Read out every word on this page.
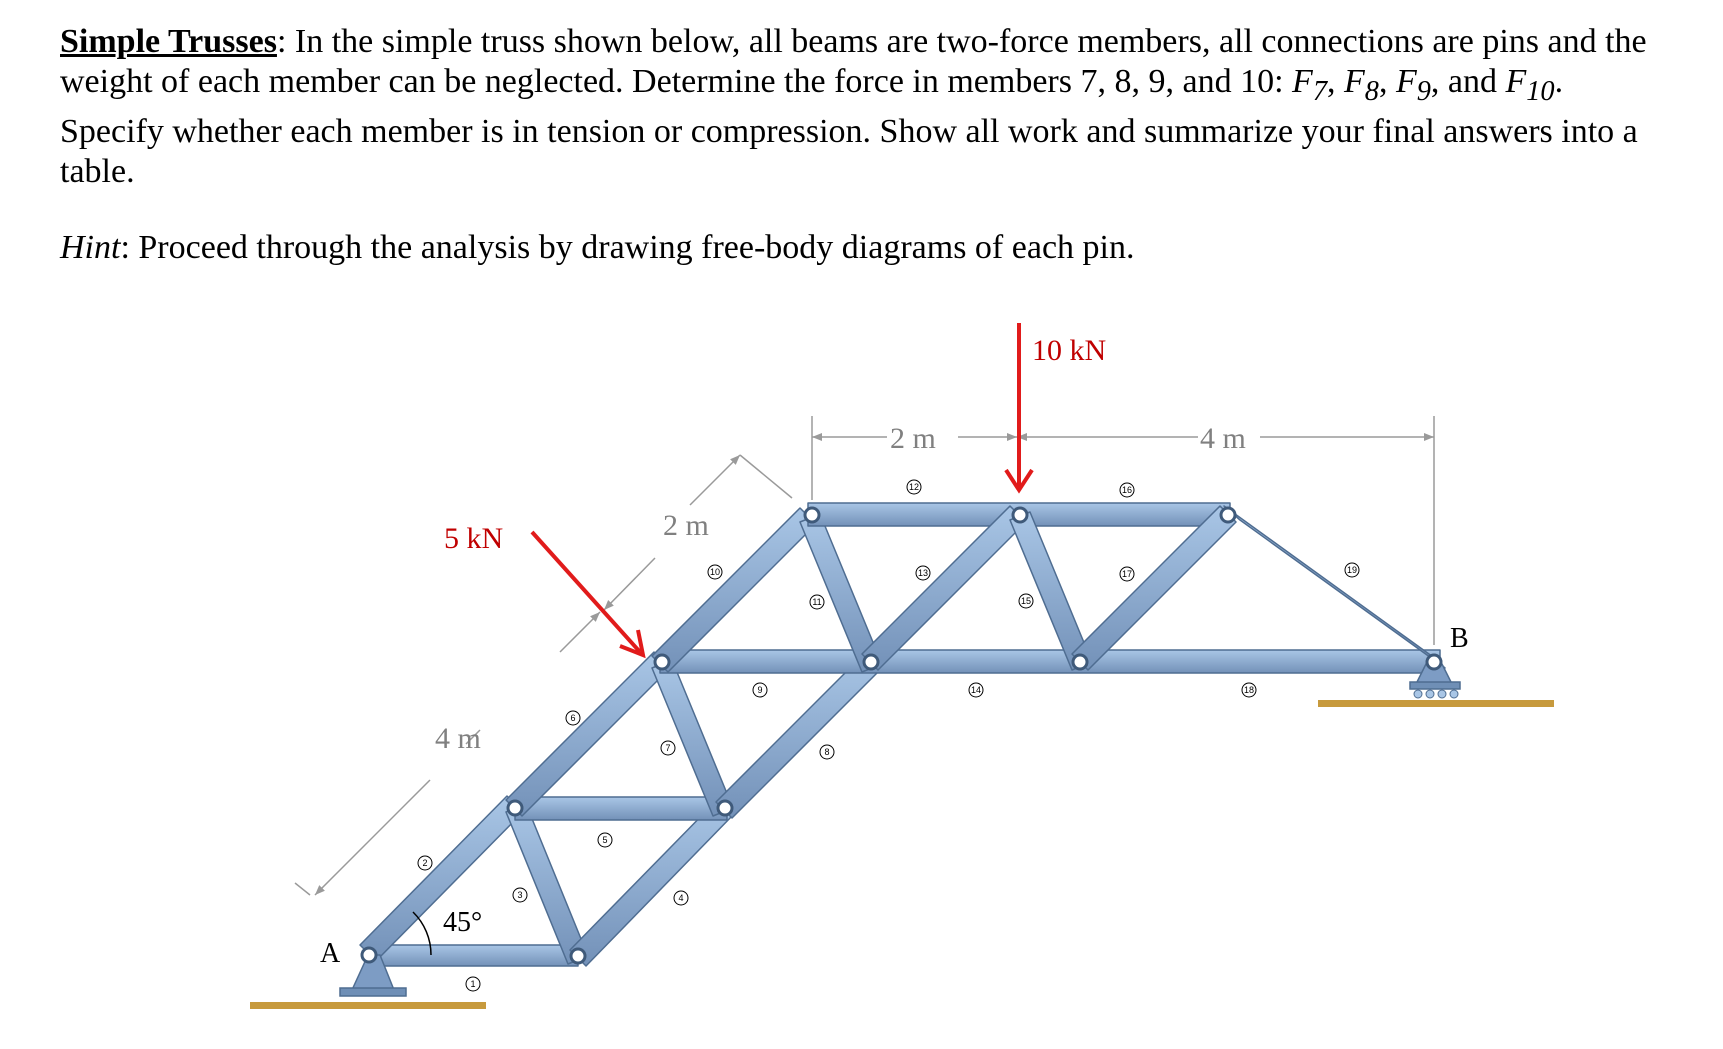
Simple Trusses: In the simple truss shown below, all beams are two-force members, all connections are pins and the weight of each member can be neglected. Determine the force in members 7, 8, 9, and 10: $F_7$, $F_8$, $F_9$, and $F_{10}$. Specify whether each member is in tension or compression. Show all work and summarize your final answers into a table.

Hint: Proceed through the analysis by drawing free-body diagrams of each pin.
1
2
3	4
5
6
7	8
9
10
11
12
13
14
15
16
17
18
19
10 kN
5 kN
2 m	4 m
2 m
4 m
45°
A
B
